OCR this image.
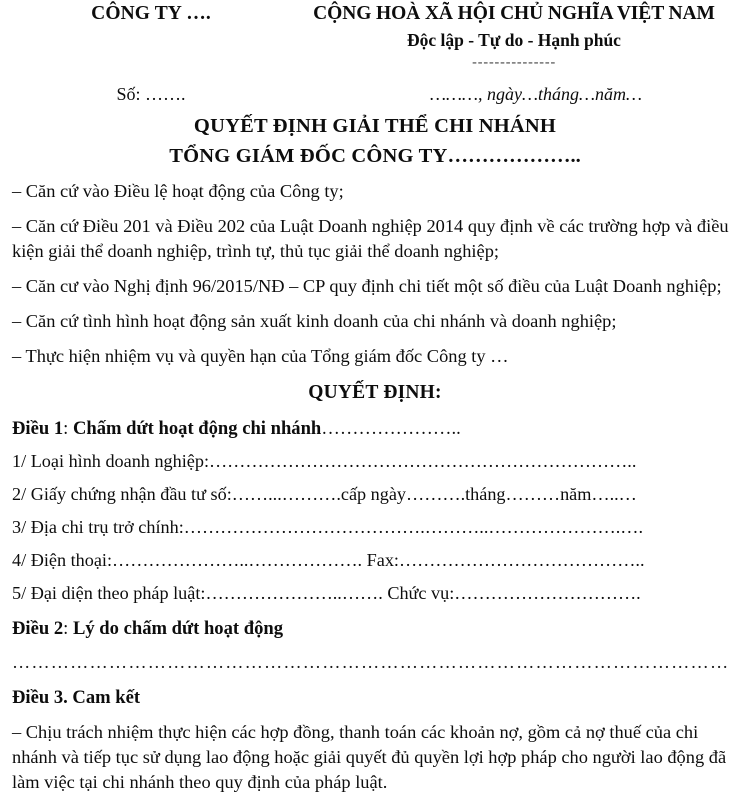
CÔNG TY ….	CỘNG HOÀ XÃ HỘI CHỦ NGHĨA VIỆT NAM
Độc lập - Tự do - Hạnh phúc
---------------
Số: …….	………, ngày…tháng…năm…
QUYẾT ĐỊNH GIẢI THỂ CHI NHÁNH
TỔNG GIÁM ĐỐC CÔNG TY………………..
– Căn cứ vào Điều lệ hoạt động của Công ty;
– Căn cứ Điều 201 và Điều 202 của Luật Doanh nghiệp 2014 quy định về các trường hợp và điều kiện giải thể doanh nghiệp, trình tự, thủ tục giải thể doanh nghiệp;
– Căn cư vào Nghị định 96/2015/NĐ – CP quy định chi tiết một số điều của Luật Doanh nghiệp;
– Căn cứ tình hình hoạt động sản xuất kinh doanh của chi nhánh và doanh nghiệp;
– Thực hiện nhiệm vụ và quyền hạn của Tổng giám đốc Công ty …
QUYẾT ĐỊNH:
Điều 1: Chấm dứt hoạt động chi nhánh…………………..
1/ Loại hình doanh nghiệp:……………………………………………………………..
2/ Giấy chứng nhận đầu tư số:……...……….cấp ngày……….tháng………năm…..…
3/ Địa chi trụ trở chính:………………………………….………..………………….….
4/ Điện thoại:…………………..………………. Fax:…………………………………..
5/ Đại diện theo pháp luật:…………………..……. Chức vụ:………………………….
Điều 2: Lý do chấm dứt hoạt động
…………………………………………………………………………………………………
Điều 3. Cam kết
– Chịu trách nhiệm thực hiện các hợp đồng, thanh toán các khoản nợ, gồm cả nợ thuế của chi nhánh và tiếp tục sử dụng lao động hoặc giải quyết đủ quyền lợi hợp pháp cho người lao động đã làm việc tại chi nhánh theo quy định của pháp luật.
